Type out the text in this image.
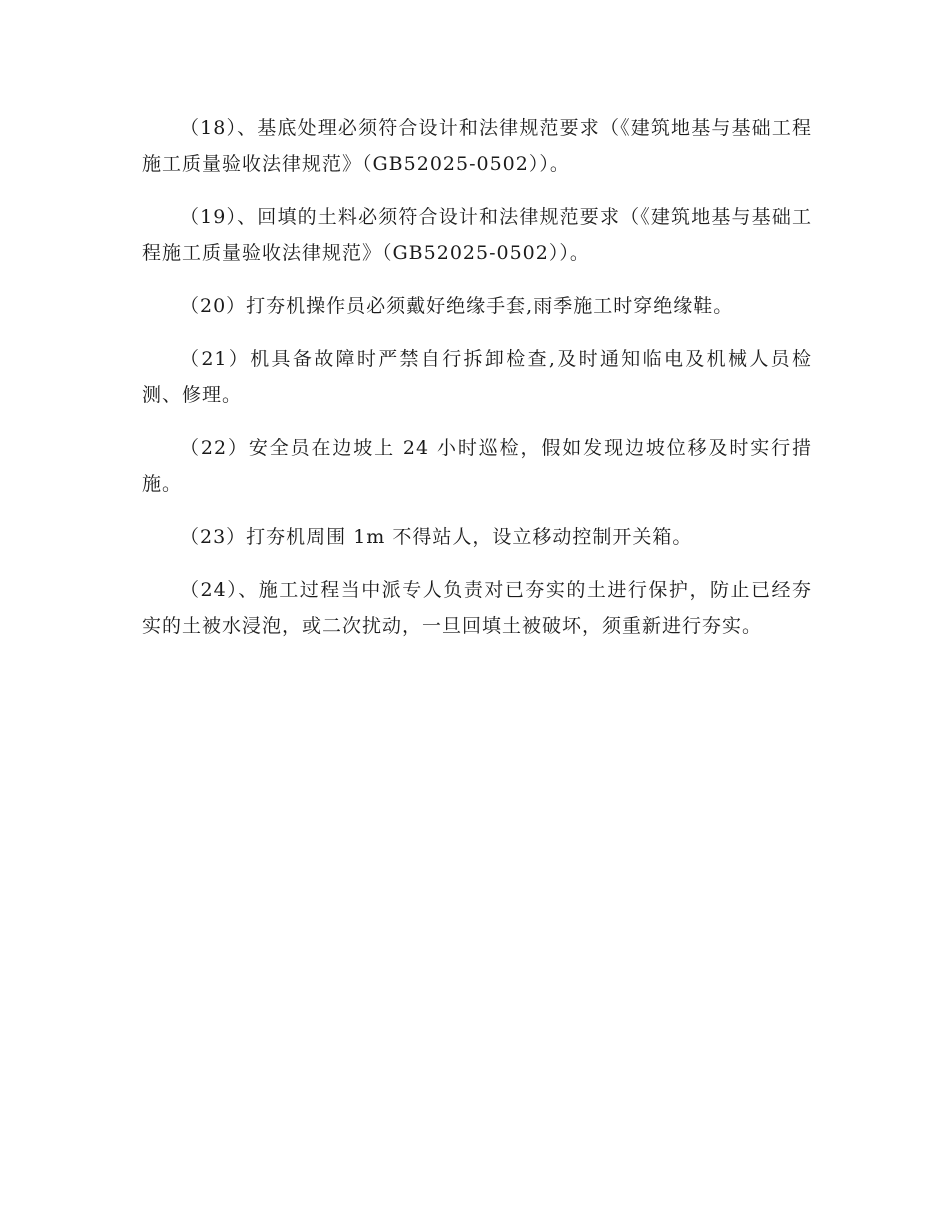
（18）、基底处理必须符合设计和法律规范要求（《建筑地基与基础工程施工质量验收法律规范》（GB52025-0502））。

（19）、回填的土料必须符合设计和法律规范要求（《建筑地基与基础工程施工质量验收法律规范》（GB52025-0502））。

（20）打夯机操作员必须戴好绝缘手套,雨季施工时穿绝缘鞋。

（21）机具备故障时严禁自行拆卸检查,及时通知临电及机械人员检测、修理。

（22）安全员在边坡上 24 小时巡检，假如发现边坡位移及时实行措施。

（23）打夯机周围 1m 不得站人，设立移动控制开关箱。

（24）、施工过程当中派专人负责对已夯实的土进行保护，防止已经夯实的土被水浸泡，或二次扰动，一旦回填土被破坏，须重新进行夯实。
